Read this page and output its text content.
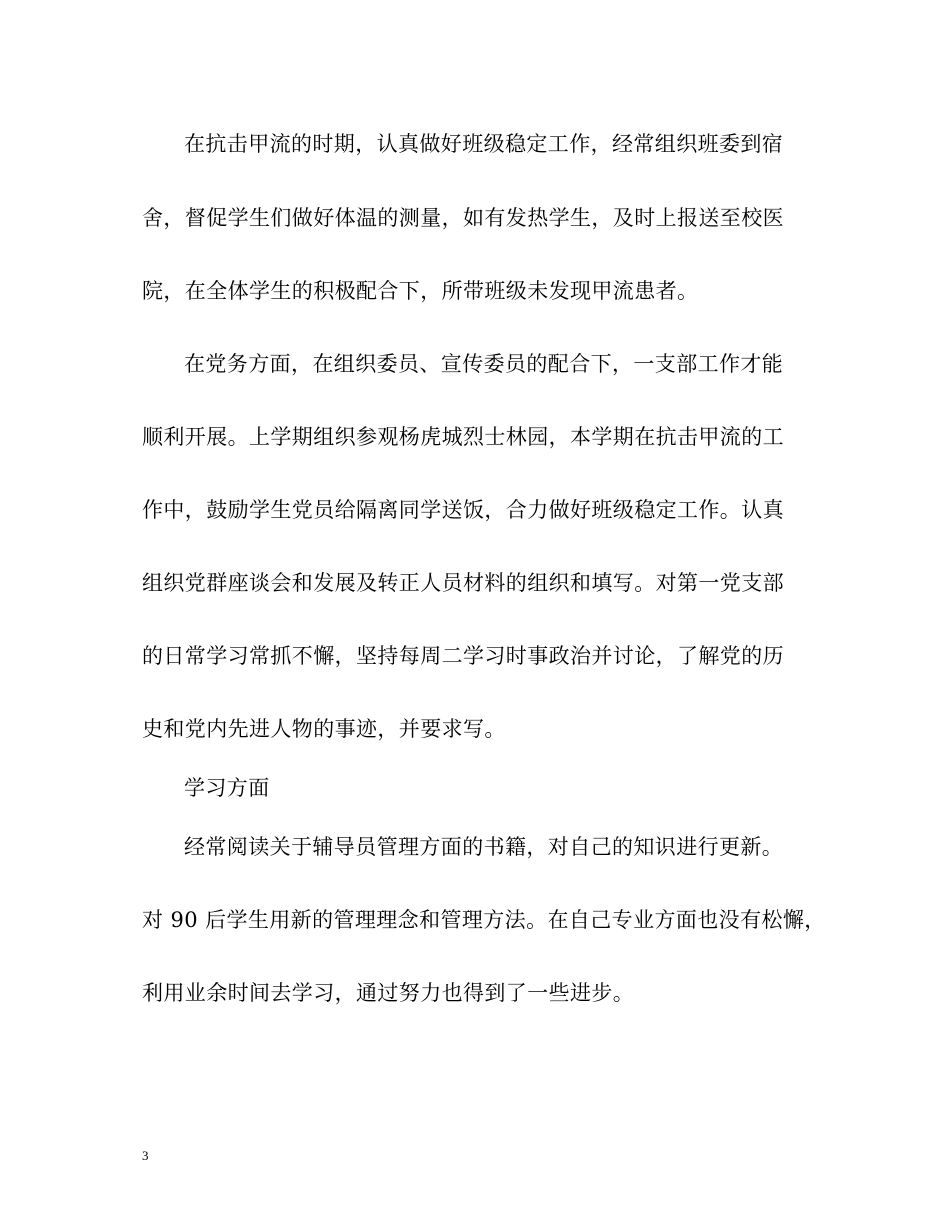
在抗击甲流的时期，认真做好班级稳定工作，经常组织班委到宿
舍，督促学生们做好体温的测量，如有发热学生，及时上报送至校医
院，在全体学生的积极配合下，所带班级未发现甲流患者。
在党务方面，在组织委员、宣传委员的配合下，一支部工作才能
顺利开展。上学期组织参观杨虎城烈士林园，本学期在抗击甲流的工
作中，鼓励学生党员给隔离同学送饭，合力做好班级稳定工作。认真
组织党群座谈会和发展及转正人员材料的组织和填写。对第一党支部
的日常学习常抓不懈，坚持每周二学习时事政治并讨论，了解党的历
史和党内先进人物的事迹，并要求写。
学习方面
经常阅读关于辅导员管理方面的书籍，对自己的知识进行更新。
对 90 后学生用新的管理理念和管理方法。在自己专业方面也没有松懈，
利用业余时间去学习，通过努力也得到了一些进步。
3
